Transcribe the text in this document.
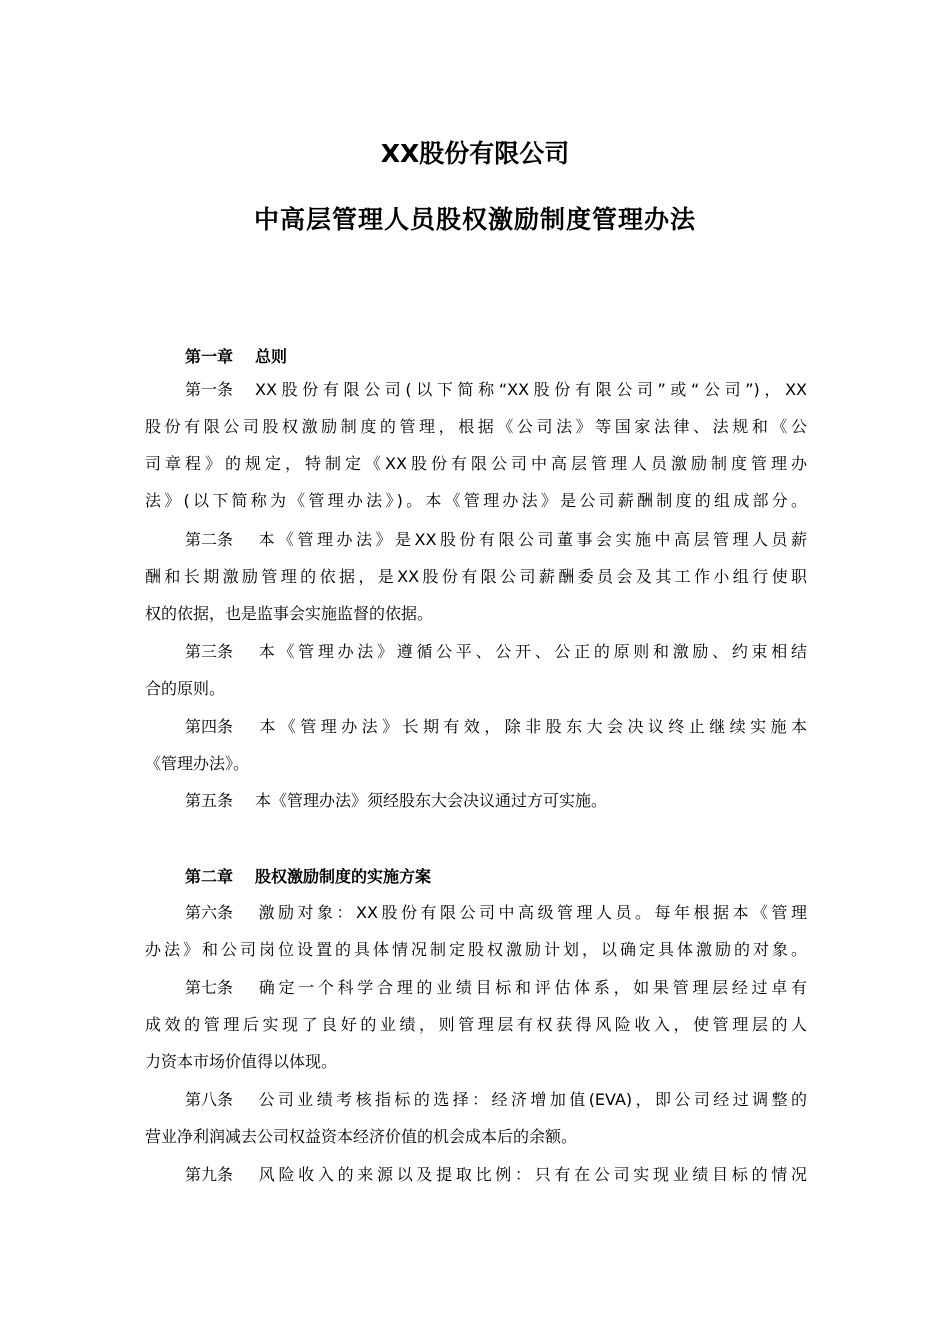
XX股份有限公司
中高层管理人员股权激励制度管理办法

第一章 总则

第一条 XX股份有限公司(以下简称“XX股份有限公司”或“公司”)，XX

股份有限公司股权激励制度的管理，根据《公司法》等国家法律、法规和《公

司章程》的规定，特制定《XX股份有限公司中高层管理人员激励制度管理办

法》(以下简称为《管理办法》)。本《管理办法》是公司薪酬制度的组成部分。

第二条 本《管理办法》是XX股份有限公司董事会实施中高层管理人员薪

酬和长期激励管理的依据，是XX股份有限公司薪酬委员会及其工作小组行使职

权的依据，也是监事会实施监督的依据。

第三条 本《管理办法》遵循公平、公开、公正的原则和激励、约束相结

合的原则。

第四条 本《管理办法》长期有效，除非股东大会决议终止继续实施本

《管理办法》。

第五条 本《管理办法》须经股东大会决议通过方可实施。

第二章 股权激励制度的实施方案

第六条 激励对象：XX股份有限公司中高级管理人员。每年根据本《管理

办法》和公司岗位设置的具体情况制定股权激励计划，以确定具体激励的对象。

第七条 确定一个科学合理的业绩目标和评估体系，如果管理层经过卓有

成效的管理后实现了良好的业绩，则管理层有权获得风险收入，使管理层的人

力资本市场价值得以体现。

第八条 公司业绩考核指标的选择：经济增加值(EVA)，即公司经过调整的

营业净利润减去公司权益资本经济价值的机会成本后的余额。

第九条 风险收入的来源以及提取比例：只有在公司实现业绩目标的情况
